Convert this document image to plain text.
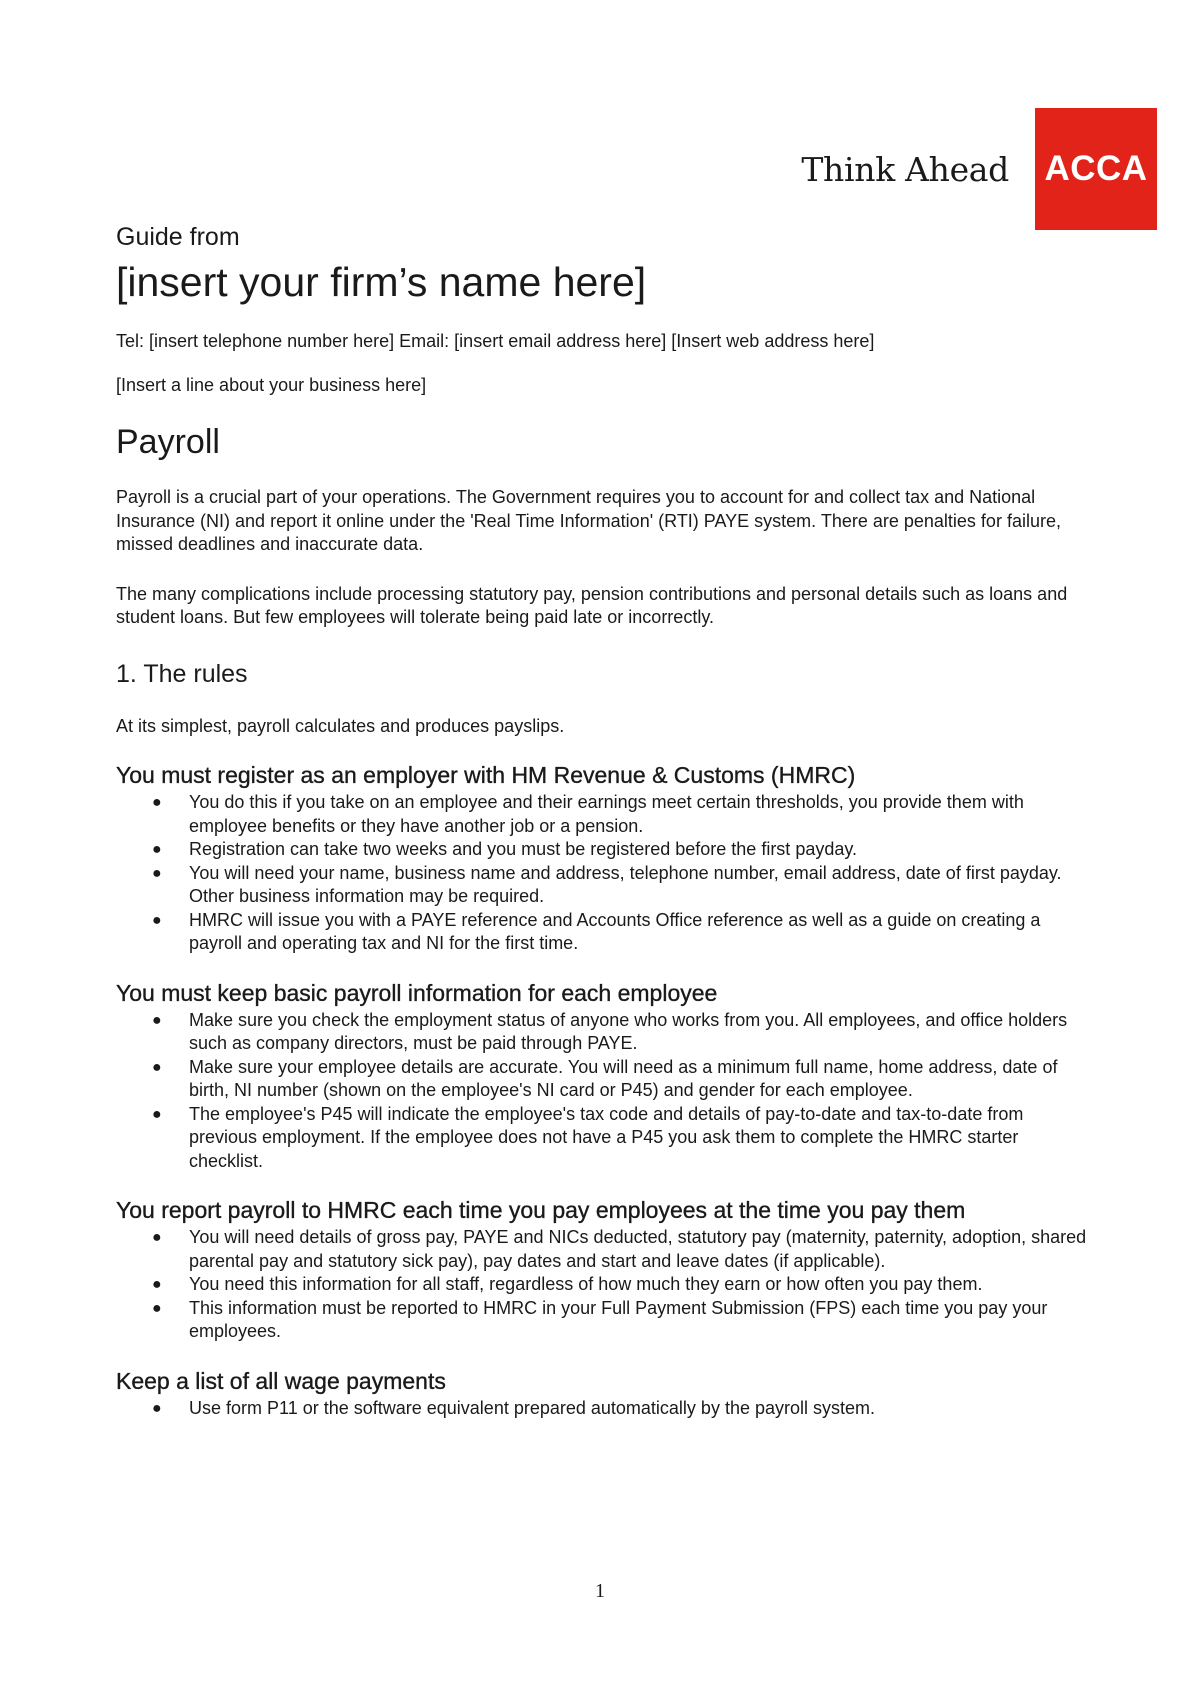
Think Ahead ACCA

Guide from

[insert your firm’s name here]

Tel: [insert telephone number here] Email: [insert email address here] [Insert web address here]

[Insert a line about your business here]

Payroll

Payroll is a crucial part of your operations. The Government requires you to account for and collect tax and National Insurance (NI) and report it online under the 'Real Time Information' (RTI) PAYE system. There are penalties for failure, missed deadlines and inaccurate data.

The many complications include processing statutory pay, pension contributions and personal details such as loans and student loans. But few employees will tolerate being paid late or incorrectly.

1. The rules

At its simplest, payroll calculates and produces payslips.

You must register as an employer with HM Revenue & Customs (HMRC)
● You do this if you take on an employee and their earnings meet certain thresholds, you provide them with employee benefits or they have another job or a pension.
● Registration can take two weeks and you must be registered before the first payday.
● You will need your name, business name and address, telephone number, email address, date of first payday. Other business information may be required.
● HMRC will issue you with a PAYE reference and Accounts Office reference as well as a guide on creating a payroll and operating tax and NI for the first time.
You must keep basic payroll information for each employee
● Make sure you check the employment status of anyone who works from you. All employees, and office holders such as company directors, must be paid through PAYE.
● Make sure your employee details are accurate. You will need as a minimum full name, home address, date of birth, NI number (shown on the employee's NI card or P45) and gender for each employee.
● The employee's P45 will indicate the employee's tax code and details of pay-to-date and tax-to-date from previous employment. If the employee does not have a P45 you ask them to complete the HMRC starter checklist.
You report payroll to HMRC each time you pay employees at the time you pay them
● You will need details of gross pay, PAYE and NICs deducted, statutory pay (maternity, paternity, adoption, shared parental pay and statutory sick pay), pay dates and start and leave dates (if applicable).
● You need this information for all staff, regardless of how much they earn or how often you pay them.
● This information must be reported to HMRC in your Full Payment Submission (FPS) each time you pay your employees.
Keep a list of all wage payments
● Use form P11 or the software equivalent prepared automatically by the payroll system.
1
